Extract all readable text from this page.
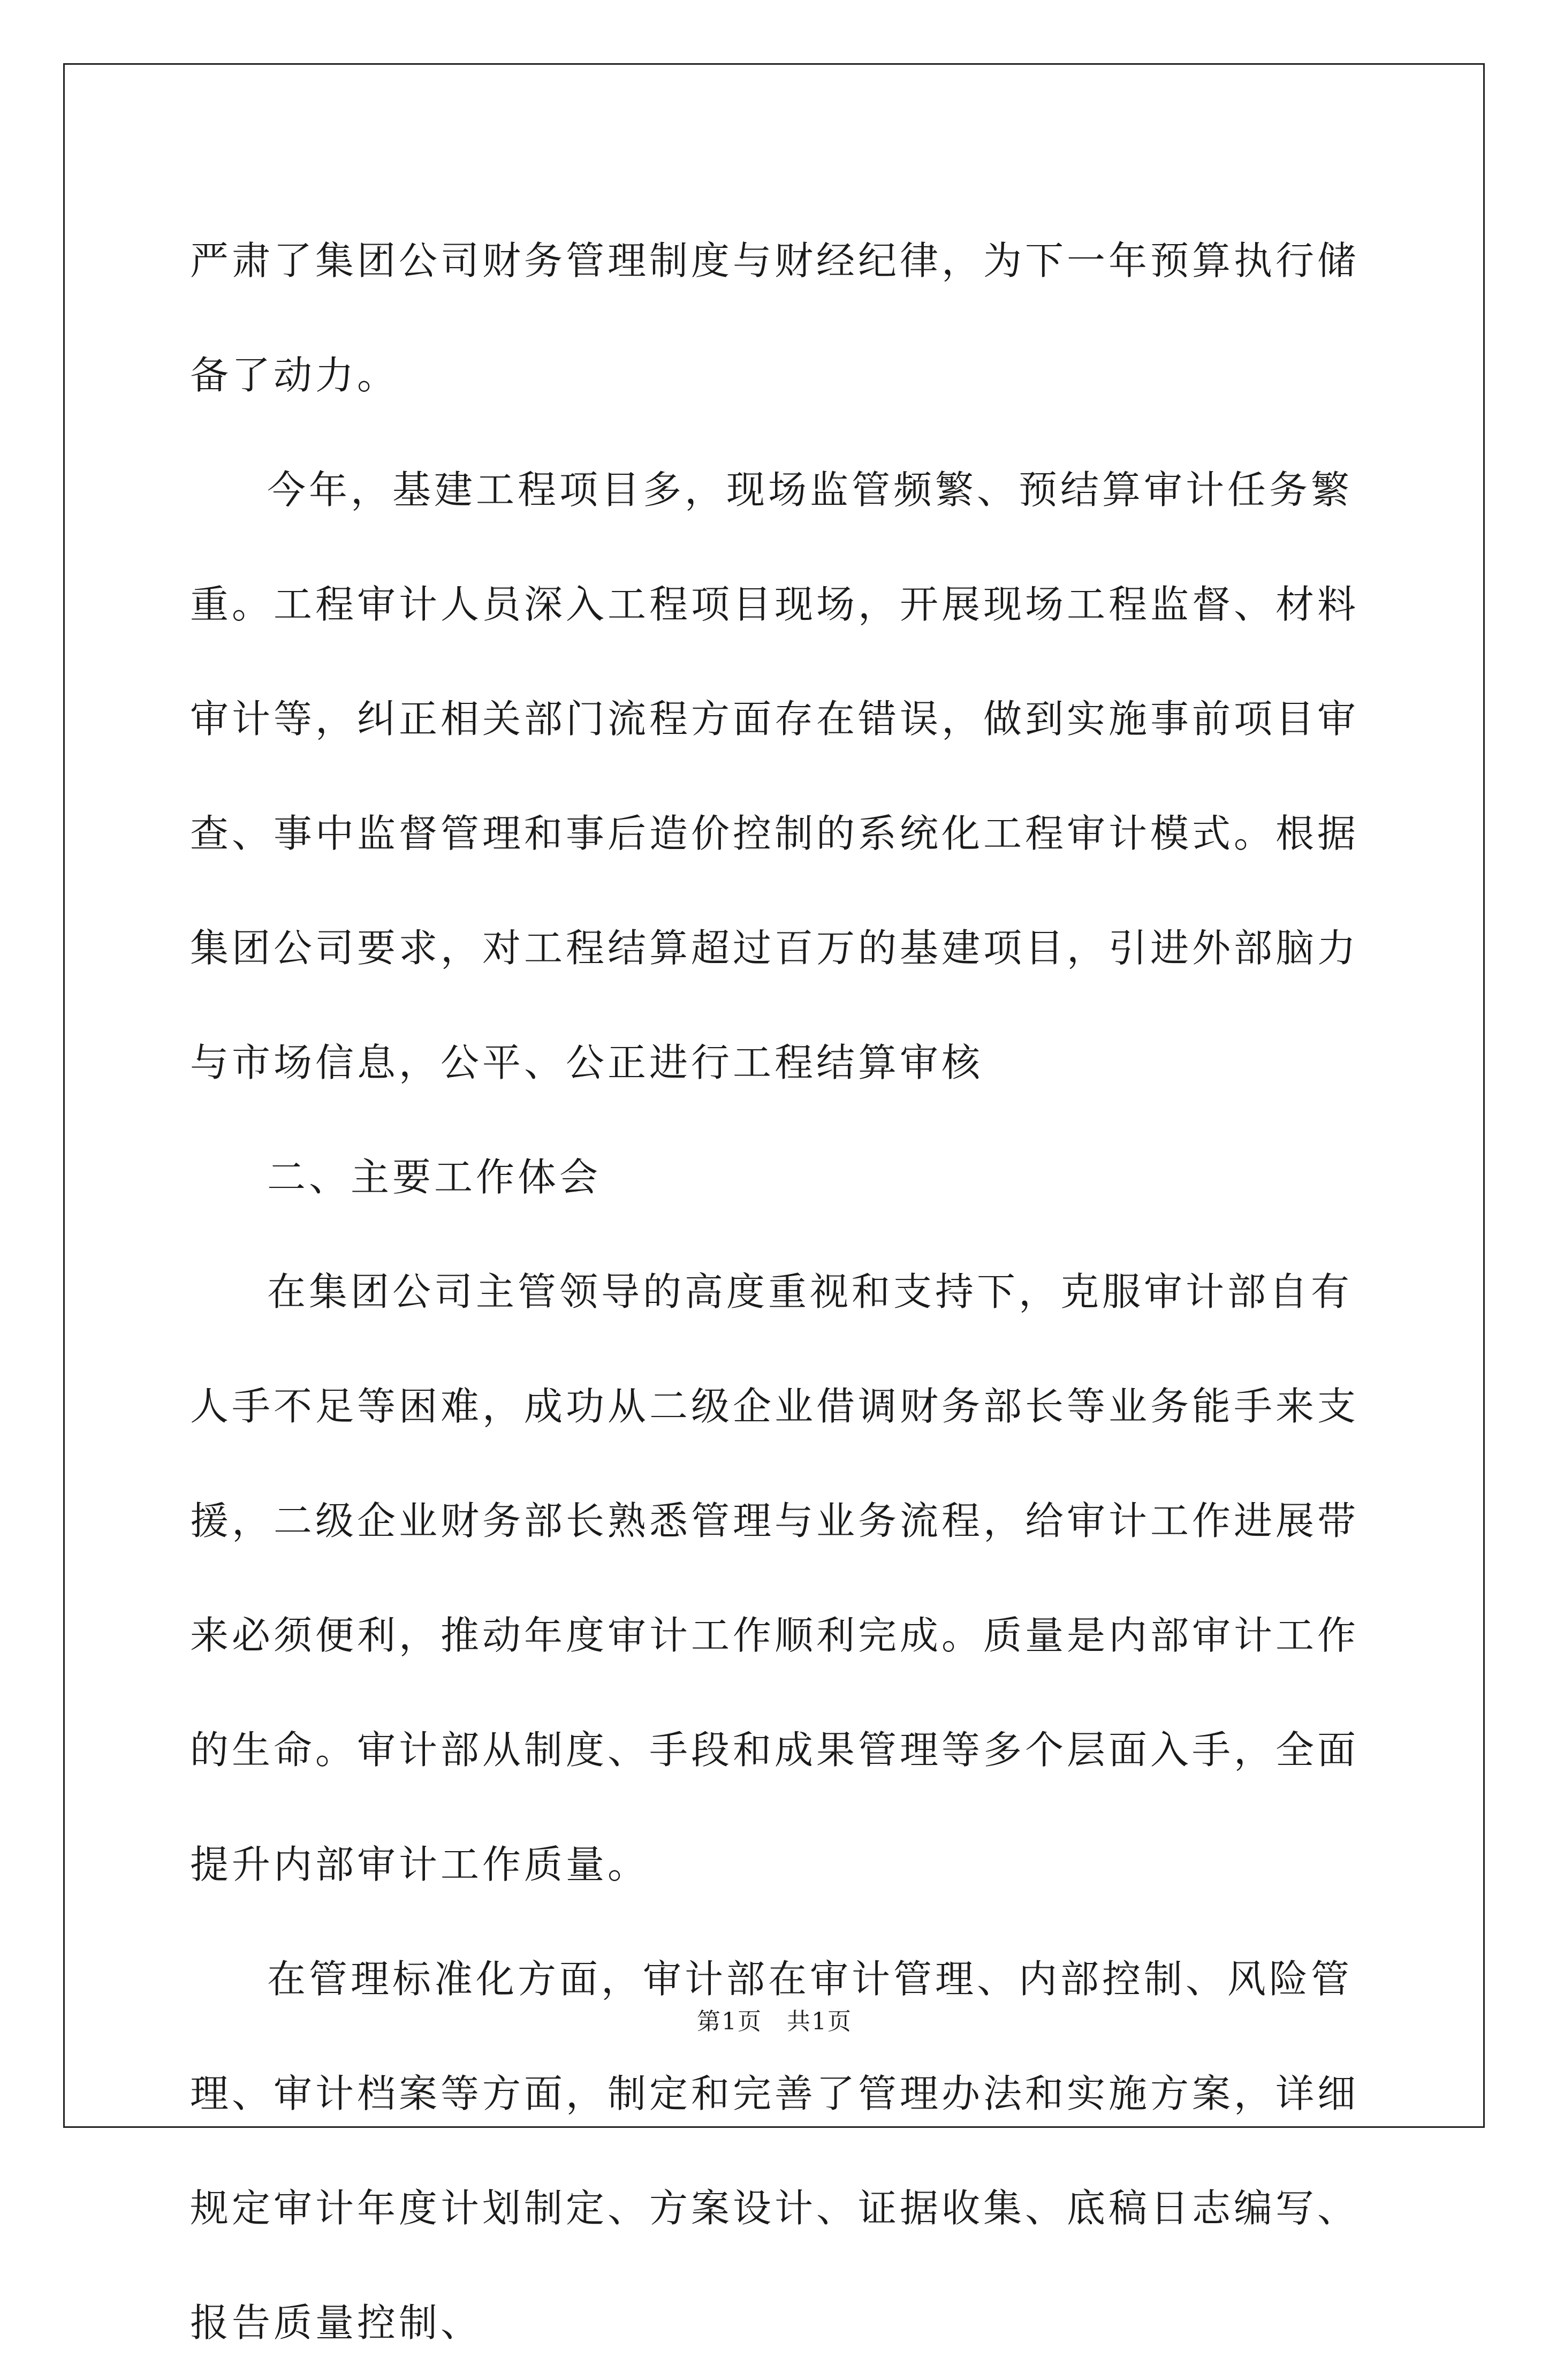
严肃了集团公司财务管理制度与财经纪律，为下一年预算执行储备了动力。

今年，基建工程项目多，现场监管频繁、预结算审计任务繁重。工程审计人员深入工程项目现场，开展现场工程监督、材料审计等，纠正相关部门流程方面存在错误，做到实施事前项目审查、事中监督管理和事后造价控制的系统化工程审计模式。根据集团公司要求，对工程结算超过百万的基建项目，引进外部脑力与市场信息，公平、公正进行工程结算审核

二、主要工作体会

在集团公司主管领导的高度重视和支持下，克服审计部自有人手不足等困难，成功从二级企业借调财务部长等业务能手来支援，二级企业财务部长熟悉管理与业务流程，给审计工作进展带来必须便利，推动年度审计工作顺利完成。质量是内部审计工作的生命。审计部从制度、手段和成果管理等多个层面入手，全面提升内部审计工作质量。

在管理标准化方面，审计部在审计管理、内部控制、风险管理、审计档案等方面，制定和完善了管理办法和实施方案，详细规定审计年度计划制定、方案设计、证据收集、底稿日志编写、报告质量控制、

第1页　共1页
